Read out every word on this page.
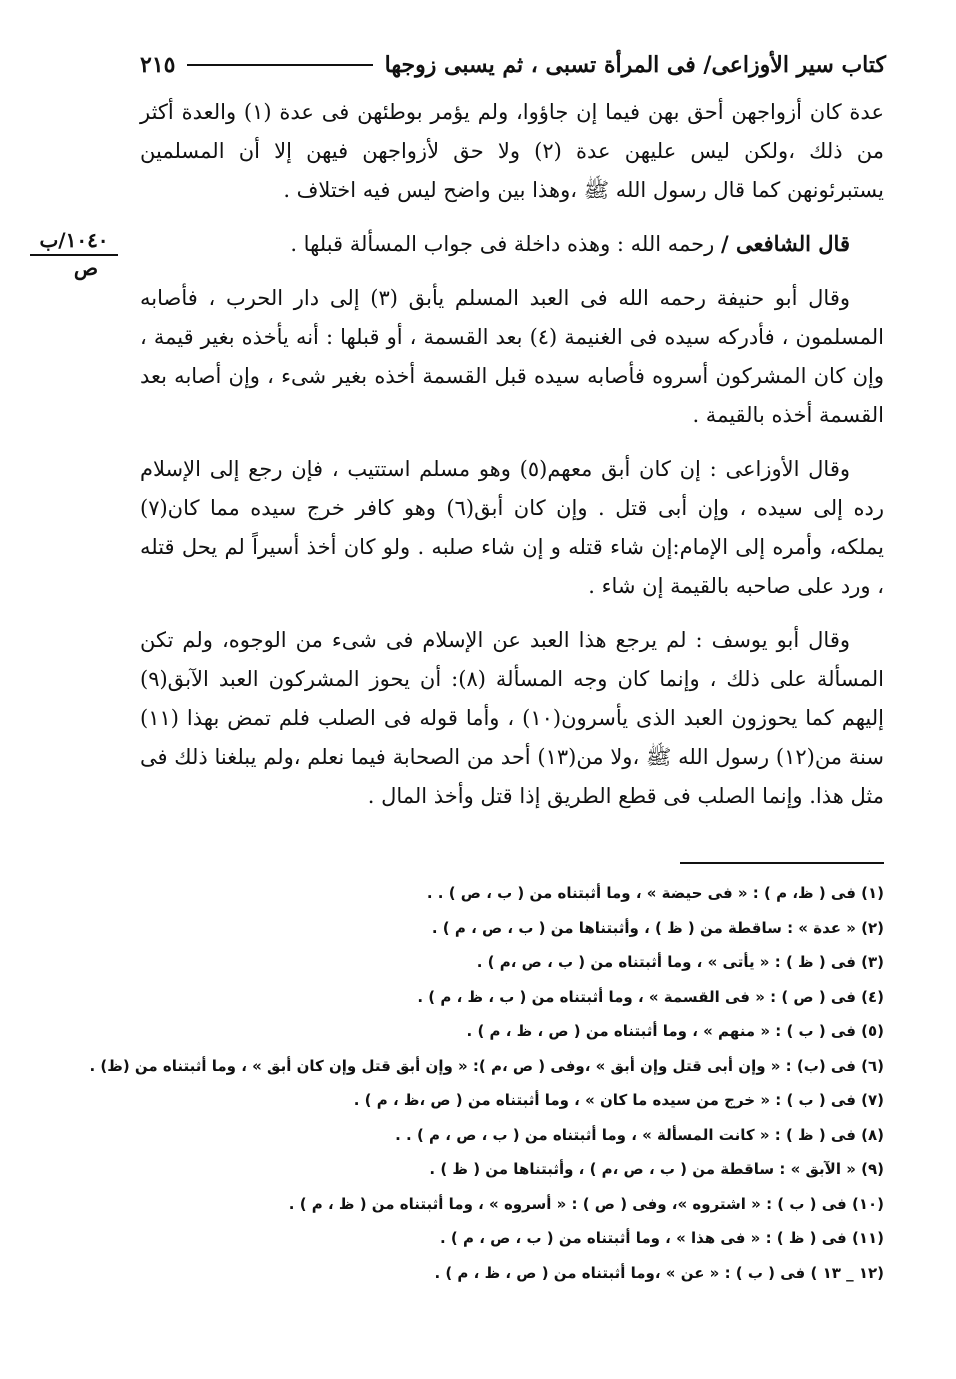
كتاب سير الأوزاعى/ فى المرأة تسبى ، ثم يسبى زوجها
٢١٥
١٠٤٠/ب
ص

عدة كان أزواجهن أحق بهن فيما إن جاؤوا، ولم يؤمر بوطئهن فى عدة (١) والعدة أكثر من ذلك ،ولكن ليس عليهن عدة (٢) ولا حق لأزواجهن فيهن إلا أن المسلمين يستبرئونهن كما قال رسول الله ﷺ ،وهذا بين واضح ليس فيه اختلاف .

قال الشافعى / رحمه الله : وهذه داخلة فى جواب المسألة قبلها .

وقال أبو حنيفة رحمه الله فى العبد المسلم يأبق (٣) إلى دار الحرب ، فأصابه المسلمون ، فأدركه سيده فى الغنيمة (٤) بعد القسمة ، أو قبلها : أنه يأخذه بغير قيمة ، وإن كان المشركون أسروه فأصابه سيده قبل القسمة أخذه بغير شىء ، وإن أصابه بعد القسمة أخذه بالقيمة .

وقال الأوزاعى : إن كان أبق معهم(٥) وهو مسلم استتيب ، فإن رجع إلى الإسلام رده إلى سيده ، وإن أبى قتل . وإن كان أبق(٦) وهو كافر خرج سيده مما كان(٧) يملكه، وأمره إلى الإمام:إن شاء قتله و إن شاء صلبه . ولو كان أخذ أسيراً لم يحل قتله ، ورد على صاحبه بالقيمة إن شاء .

وقال أبو يوسف : لم يرجع هذا العبد عن الإسلام فى شىء من الوجوه، ولم تكن المسألة على ذلك ، وإنما كان وجه المسألة (٨): أن يحوز المشركون العبد الآبق(٩) إليهم كما يحوزون العبد الذى يأسرون(١٠) ، وأما قوله فى الصلب فلم تمض بهذا (١١) سنة من(١٢) رسول الله ﷺ ،ولا من(١٣) أحد من الصحابة فيما نعلم ،ولم يبلغنا ذلك فى مثل هذا. وإنما الصلب فى قطع الطريق إذا قتل وأخذ المال .

(١) فى ( ظ، م ) : « فى حيضة » ، وما أثبتناه من ( ب ، ص ) . .
(٢) « عدة » : ساقطة من ( ظ ) ، وأثبتناها من ( ب ، ص ، م ) .
(٣) فى ( ظ ) : « يأتى » ، وما أثبتناه من ( ب ، ص ،م ) .
(٤) فى ( ص ) : « فى القسمة » ، وما أثبتناه من ( ب ، ظ ، م ) .
(٥) فى ( ب ) : « منهم » ، وما أثبتناه من ( ص ، ظ ، م ) .
(٦) فى (ب) : « وإن أبى قتل وإن أبق » ،وفى ( ص ،م ): « وإن أبق قتل وإن كان أبق » ، وما أثبتناه من (ظ) .
(٧) فى ( ب ) : « خرج من سيده ما كان » ، وما أثبتناه من ( ص ،ظ ، م ) .
(٨) فى ( ظ ) : « كانت المسألة » ، وما أثبتناه من ( ب ، ص ، م ) . .
(٩) « الآبق » : ساقطة من ( ب ، ص ،م ) ، وأثبتناها من ( ظ ) .
(١٠) فى ( ب ) : « اشتروه »، وفى ( ص ) : « أسروه » ، وما أثبتناه من ( ظ ، م ) .
(١١) فى ( ظ ) : « فى هذا » ، وما أثبتناه من ( ب ، ص ، م ) .
(١٢ _ ١٣ ) فى ( ب ) : « عن » ،وما أثبتناه من ( ص ، ظ ، م ) .
